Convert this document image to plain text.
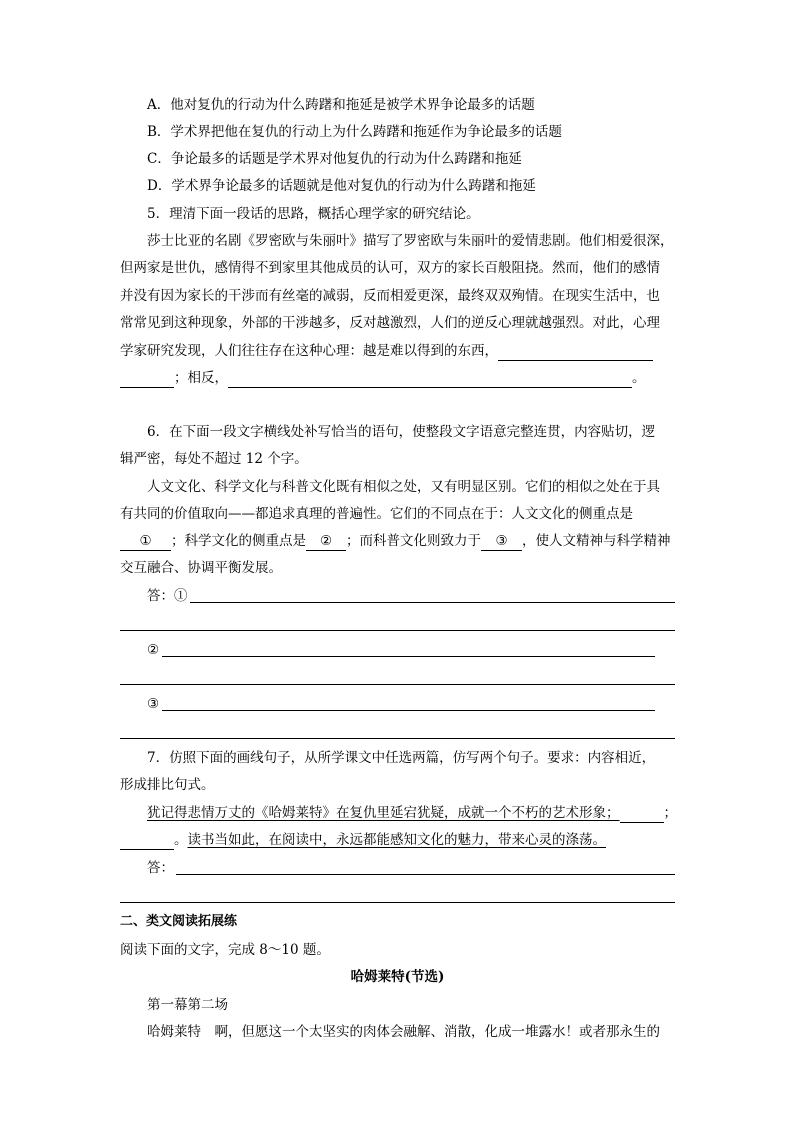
A．他对复仇的行动为什么踌躇和拖延是被学术界争论最多的话题
B．学术界把他在复仇的行动上为什么踌躇和拖延作为争论最多的话题
C．争论最多的话题是学术界对他复仇的行动为什么踌躇和拖延
D．学术界争论最多的话题就是他对复仇的行动为什么踌躇和拖延
5．理清下面一段话的思路，概括心理学家的研究结论。
莎士比亚的名剧《罗密欧与朱丽叶》描写了罗密欧与朱丽叶的爱情悲剧。他们相爱很深，
但两家是世仇，感情得不到家里其他成员的认可，双方的家长百般阻挠。然而，他们的感情
并没有因为家长的干涉而有丝毫的减弱，反而相爱更深，最终双双殉情。在现实生活中，也
常常见到这种现象，外部的干涉越多，反对越激烈，人们的逆反心理就越强烈。对此，心理
学家研究发现，人们往往存在这种心理：越是难以得到的东西，
；相反，	。
6．在下面一段文字横线处补写恰当的语句，使整段文字语意完整连贯，内容贴切，逻
辑严密，每处不超过 12 个字。
人文文化、科学文化与科普文化既有相似之处，又有明显区别。它们的相似之处在于具
有共同的价值取向——都追求真理的普遍性。它们的不同点在于：人文文化的侧重点是
① ；科学文化的侧重点是 ② ；而科普文化则致力于 ③ ，使人文精神与科学精神
交互融合、协调平衡发展。
答：①
②
③
7．仿照下面的画线句子，从所学课文中任选两篇，仿写两个句子。要求：内容相近，
形成排比句式。
犹记得悲情万丈的《哈姆莱特》在复仇里延宕犹疑，成就一个不朽的艺术形象；	；
。读书当如此，在阅读中，永远都能感知文化的魅力，带来心灵的涤荡。
答：
二、类文阅读拓展练
阅读下面的文字，完成 8～10 题。
哈姆莱特(节选)
第一幕第二场
哈姆莱特　啊，但愿这一个太坚实的肉体会融解、消散，化成一堆露水！或者那永生的
